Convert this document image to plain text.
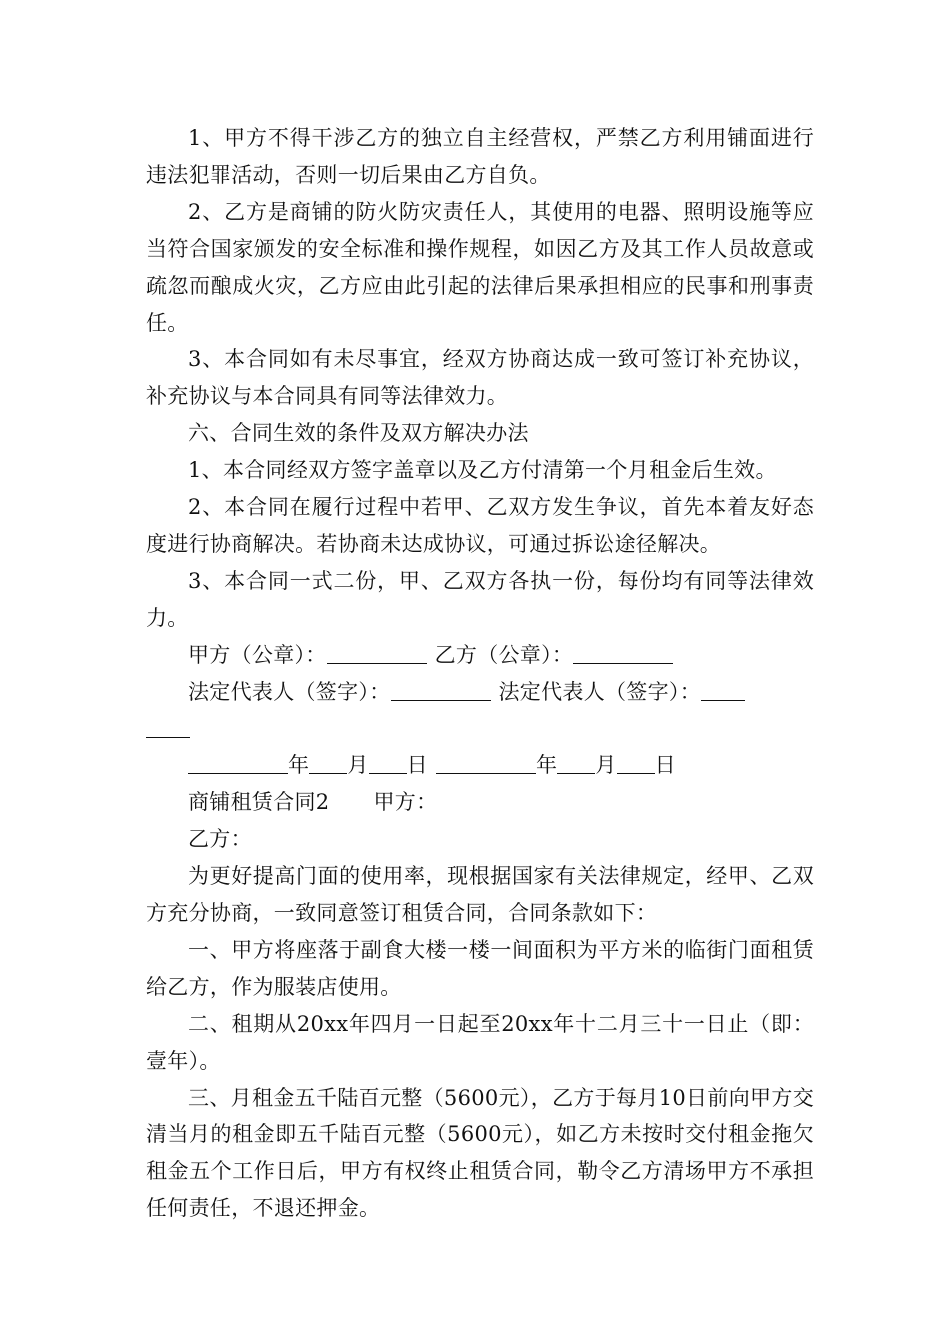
1、甲方不得干涉乙方的独立自主经营权，严禁乙方利用铺面进行违法犯罪活动，否则一切后果由乙方自负。

2、乙方是商铺的防火防灾责任人，其使用的电器、照明设施等应当符合国家颁发的安全标准和操作规程，如因乙方及其工作人员故意或疏忽而酿成火灾，乙方应由此引起的法律后果承担相应的民事和刑事责任。

3、本合同如有未尽事宜，经双方协商达成一致可签订补充协议，补充协议与本合同具有同等法律效力。

六、合同生效的条件及双方解决办法

1、本合同经双方签字盖章以及乙方付清第一个月租金后生效。

2、本合同在履行过程中若甲、乙双方发生争议，首先本着友好态度进行协商解决。若协商未达成协议，可通过拆讼途径解决。

3、本合同一式二份，甲、乙双方各执一份，每份均有同等法律效力。

甲方（公章）：	乙方（公章）：

法定代表人（签字）：	法定代表人（签字）：

年 月 日	年 月 日

商铺租赁合同2 甲方：

乙方：

为更好提高门面的使用率，现根据国家有关法律规定，经甲、乙双方充分协商，一致同意签订租赁合同，合同条款如下：

一、甲方将座落于副食大楼一楼一间面积为平方米的临街门面租赁给乙方，作为服装店使用。

二、租期从20xx年四月一日起至20xx年十二月三十一日止（即：壹年）。

三、月租金五千陆百元整（5600元），乙方于每月10日前向甲方交清当月的租金即五千陆百元整（5600元），如乙方未按时交付租金拖欠租金五个工作日后，甲方有权终止租赁合同，勒令乙方清场甲方不承担任何责任，不退还押金。
